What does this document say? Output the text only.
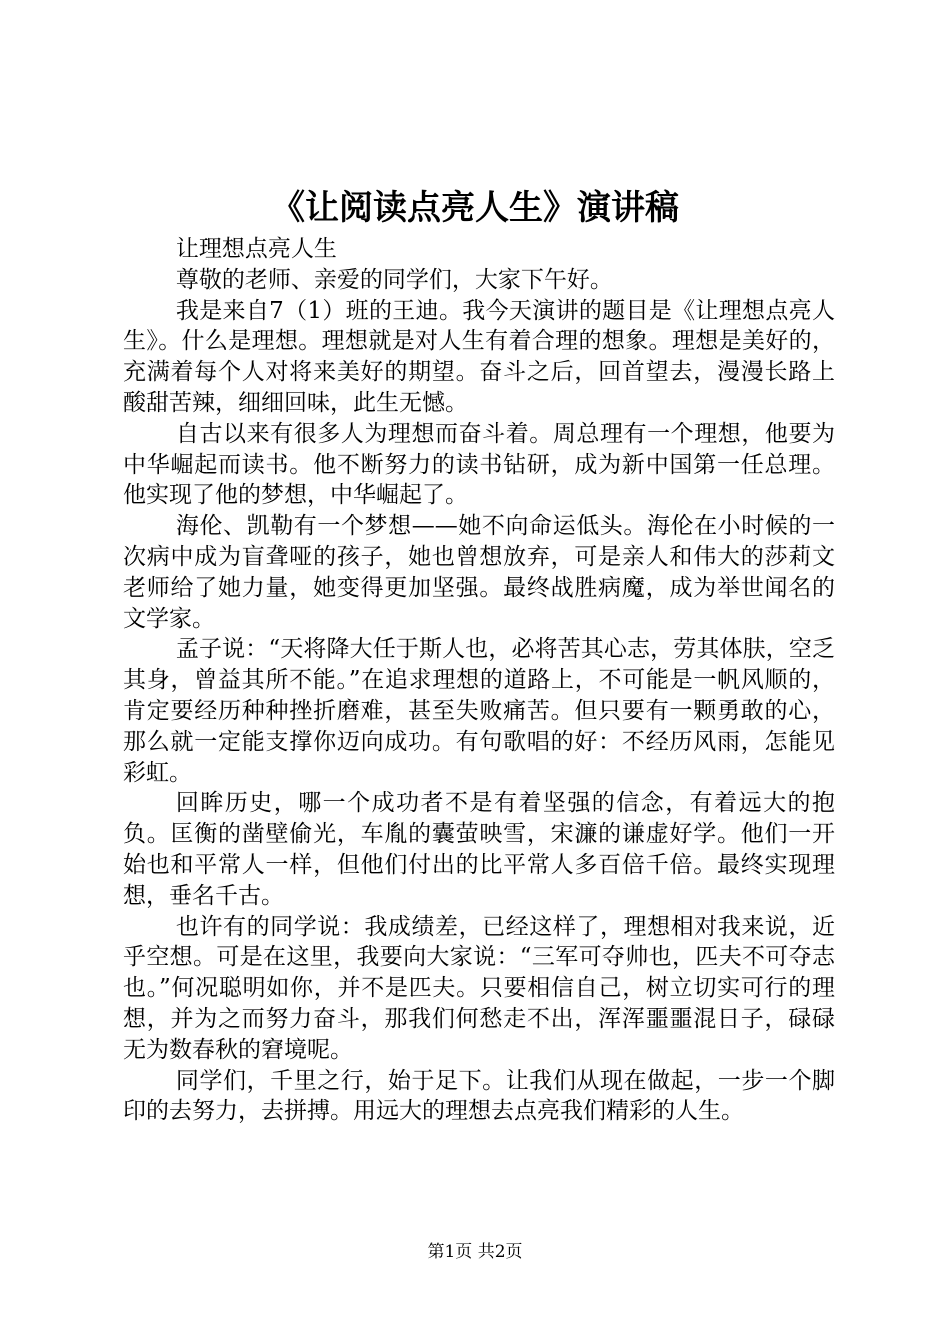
《让阅读点亮人生》演讲稿

让理想点亮人生

尊敬的老师、亲爱的同学们，大家下午好。

我是来自7（1）班的王迪。我今天演讲的题目是《让理想点亮人生》。什么是理想。理想就是对人生有着合理的想象。理想是美好的，充满着每个人对将来美好的期望。奋斗之后，回首望去，漫漫长路上酸甜苦辣，细细回味，此生无憾。

自古以来有很多人为理想而奋斗着。周总理有一个理想，他要为中华崛起而读书。他不断努力的读书钻研，成为新中国第一任总理。他实现了他的梦想，中华崛起了。

海伦、凯勒有一个梦想——她不向命运低头。海伦在小时候的一次病中成为盲聋哑的孩子，她也曾想放弃，可是亲人和伟大的莎莉文老师给了她力量，她变得更加坚强。最终战胜病魔，成为举世闻名的文学家。

孟子说：“天将降大任于斯人也，必将苦其心志，劳其体肤，空乏其身，曾益其所不能。”在追求理想的道路上，不可能是一帆风顺的，肯定要经历种种挫折磨难，甚至失败痛苦。但只要有一颗勇敢的心，那么就一定能支撑你迈向成功。有句歌唱的好：不经历风雨，怎能见彩虹。

回眸历史，哪一个成功者不是有着坚强的信念，有着远大的抱负。匡衡的凿壁偷光，车胤的囊萤映雪，宋濂的谦虚好学。他们一开始也和平常人一样，但他们付出的比平常人多百倍千倍。最终实现理想，垂名千古。

也许有的同学说：我成绩差，已经这样了，理想相对我来说，近乎空想。可是在这里，我要向大家说：“三军可夺帅也，匹夫不可夺志也。”何况聪明如你，并不是匹夫。只要相信自己，树立切实可行的理想，并为之而努力奋斗，那我们何愁走不出，浑浑噩噩混日子，碌碌无为数春秋的窘境呢。

同学们，千里之行，始于足下。让我们从现在做起，一步一个脚印的去努力，去拼搏。用远大的理想去点亮我们精彩的人生。

第1页 共2页
